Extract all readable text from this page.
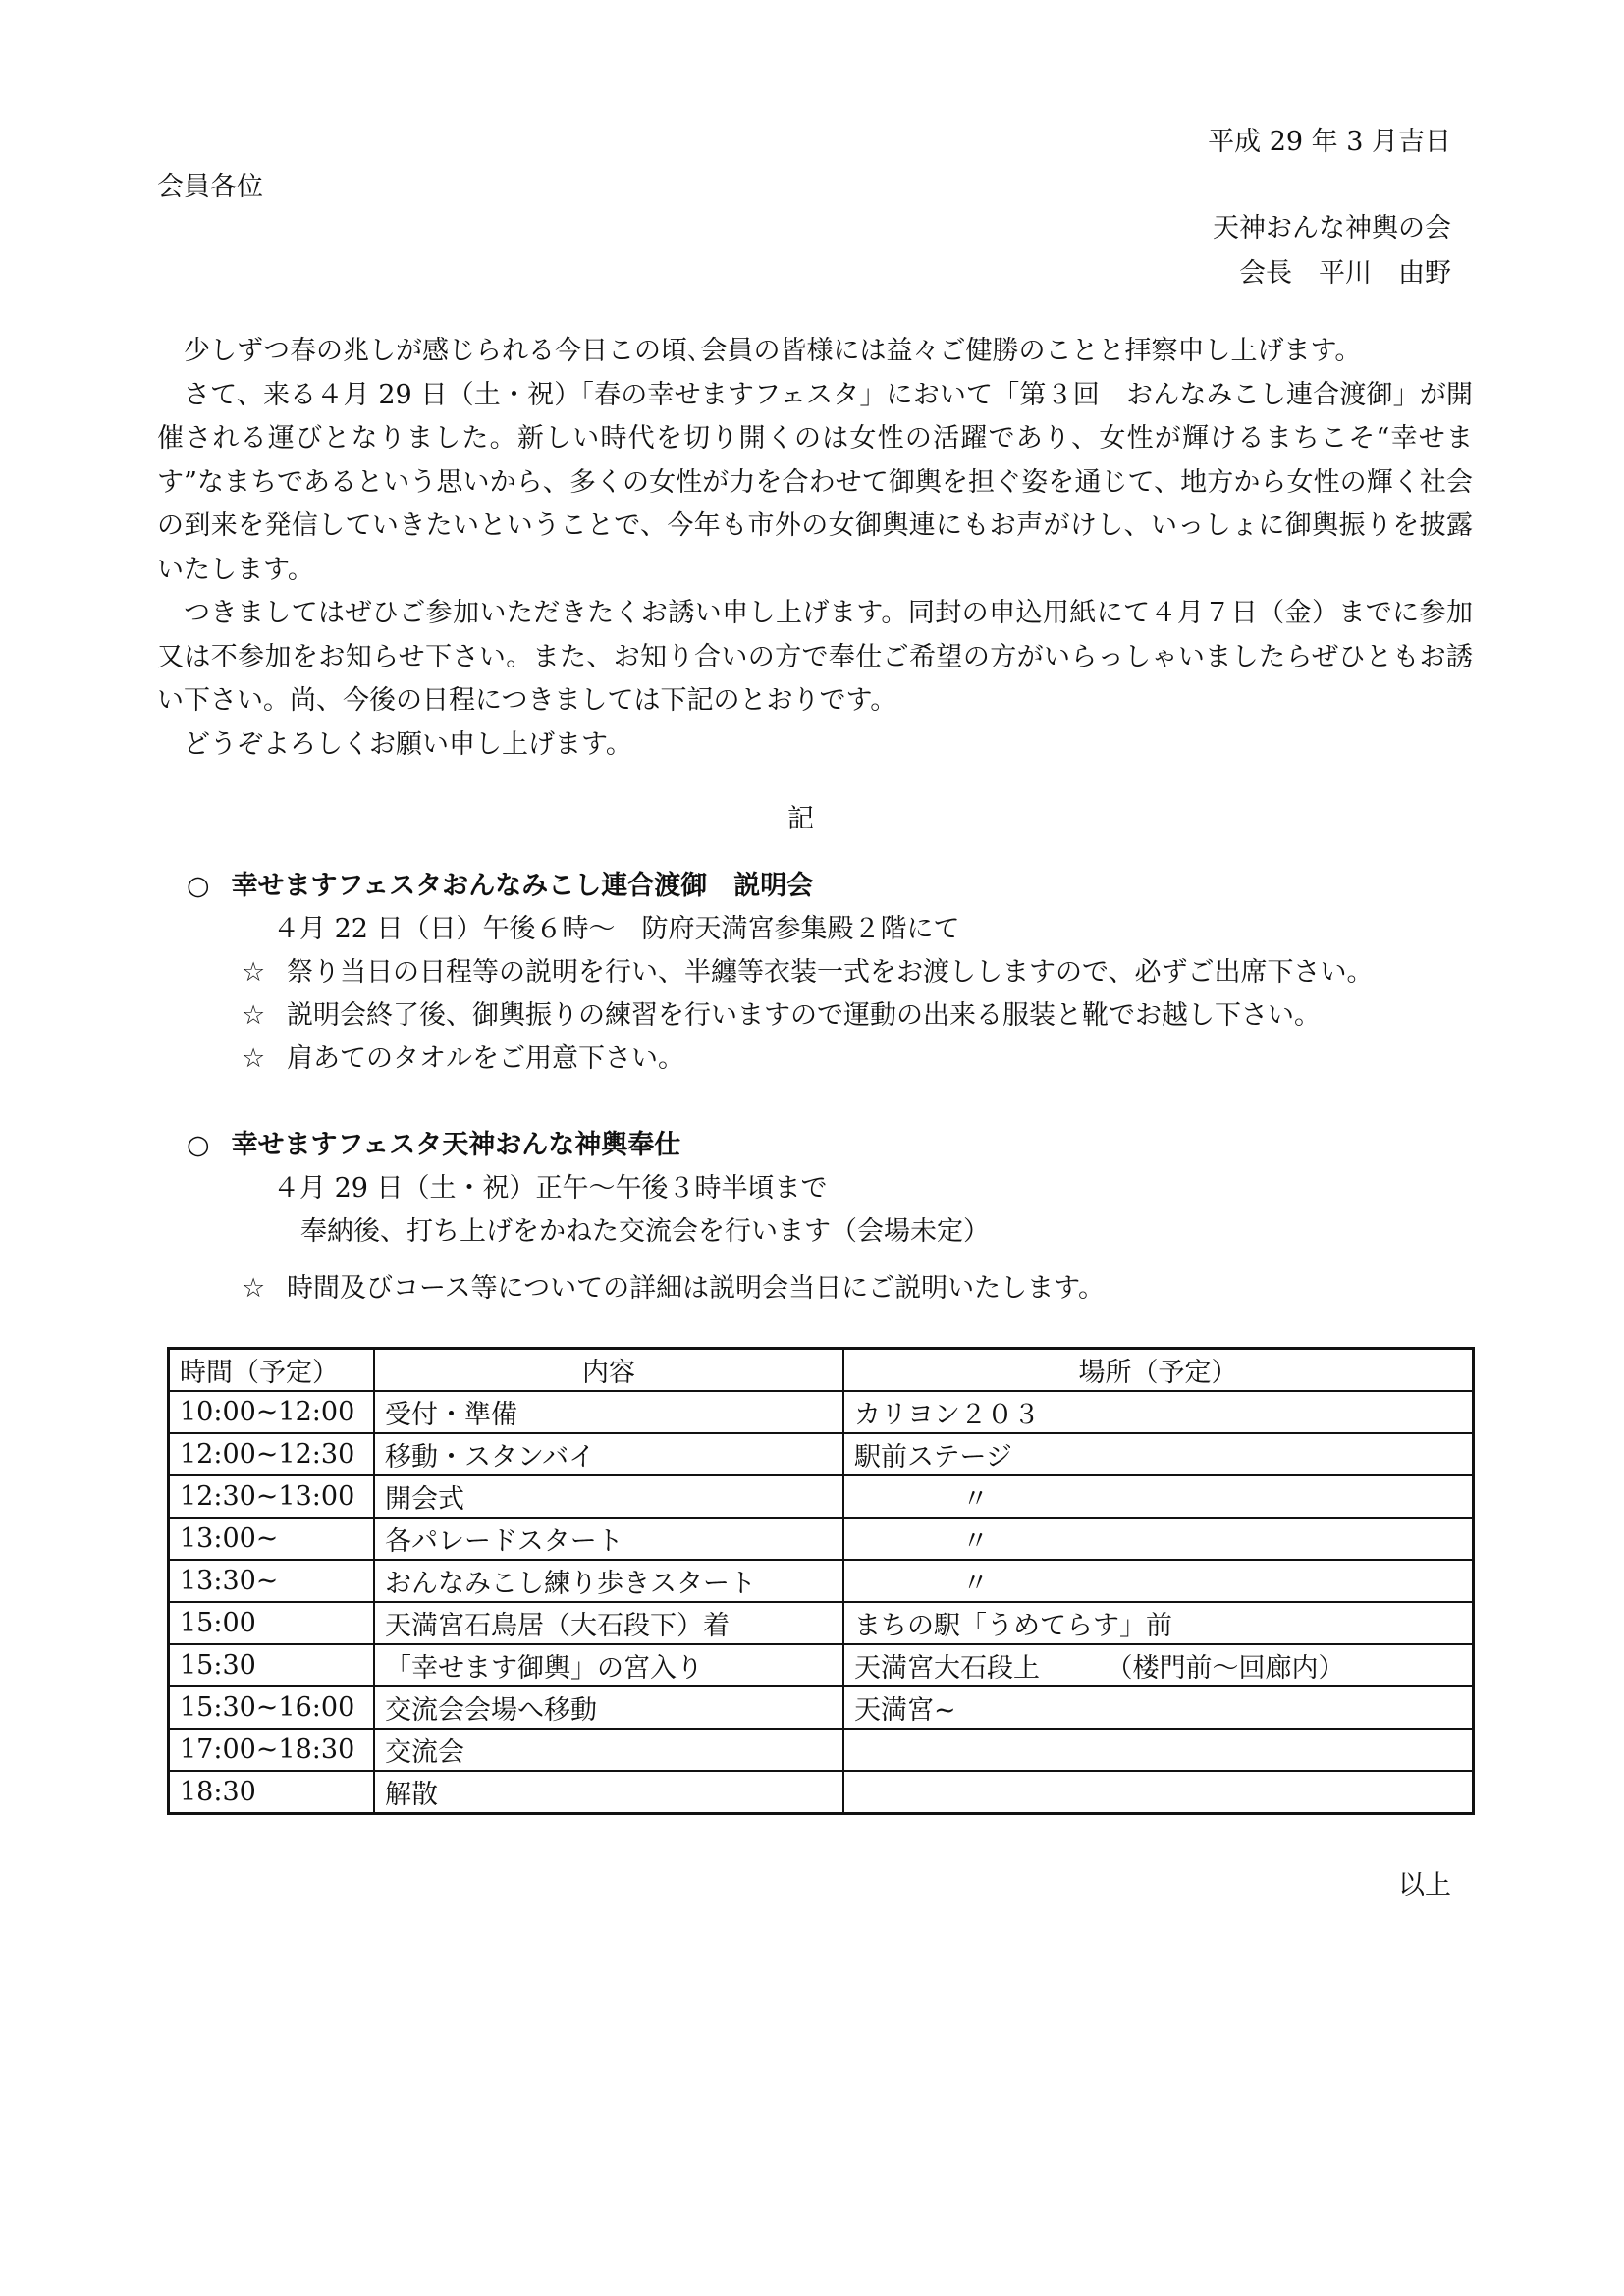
平成 29 年 3 月吉日
会員各位
天神おんな神輿の会
会長　平川　由野

少しずつ春の兆しが感じられる今日この頃､会員の皆様には益々ご健勝のことと拝察申し上げます。

さて、来る４月 29 日（土・祝）「春の幸せますフェスタ」において「第３回　おんなみこし連合渡御」が開催される運びとなりました。新しい時代を切り開くのは女性の活躍であり、女性が輝けるまちこそ“幸せます”なまちであるという思いから、多くの女性が力を合わせて御輿を担ぐ姿を通じて、地方から女性の輝く社会の到来を発信していきたいということで、今年も市外の女御輿連にもお声がけし、いっしょに御輿振りを披露いたします。

つきましてはぜひご参加いただきたくお誘い申し上げます。同封の申込用紙にて４月７日（金）までに参加又は不参加をお知らせ下さい。また、お知り合いの方で奉仕ご希望の方がいらっしゃいましたらぜひともお誘い下さい。尚、今後の日程につきましては下記のとおりです。

どうぞよろしくお願い申し上げます。

記
○ 幸せますフェスタおんなみこし連合渡御　説明会
４月 22 日（日）午後６時～　防府天満宮参集殿２階にて
☆ 祭り当日の日程等の説明を行い、半纏等衣装一式をお渡ししますので、必ずご出席下さい。
☆ 説明会終了後、御輿振りの練習を行いますので運動の出来る服装と靴でお越し下さい。
☆ 肩あてのタオルをご用意下さい。
○ 幸せますフェスタ天神おんな神輿奉仕
４月 29 日（土・祝）正午～午後３時半頃まで
奉納後、打ち上げをかねた交流会を行います（会場未定）
☆ 時間及びコース等についての詳細は説明会当日にご説明いたします。
時間（予定）	内容	場所（予定）
10:00~12:00	受付・準備	カリヨン２０３
12:00~12:30	移動・スタンバイ	駅前ステージ
12:30~13:00	開会式	〃
13:00~	各パレードスタート	〃
13:30~	おんなみこし練り歩きスタート	〃
15:00	天満宮石鳥居（大石段下）着	まちの駅「うめてらす」前
15:30	「幸せます御輿」の宮入り	天満宮大石段上　　　（楼門前～回廊内）
15:30~16:00	交流会会場へ移動	天満宮~
17:00~18:30	交流会	
18:30	解散	
以上
